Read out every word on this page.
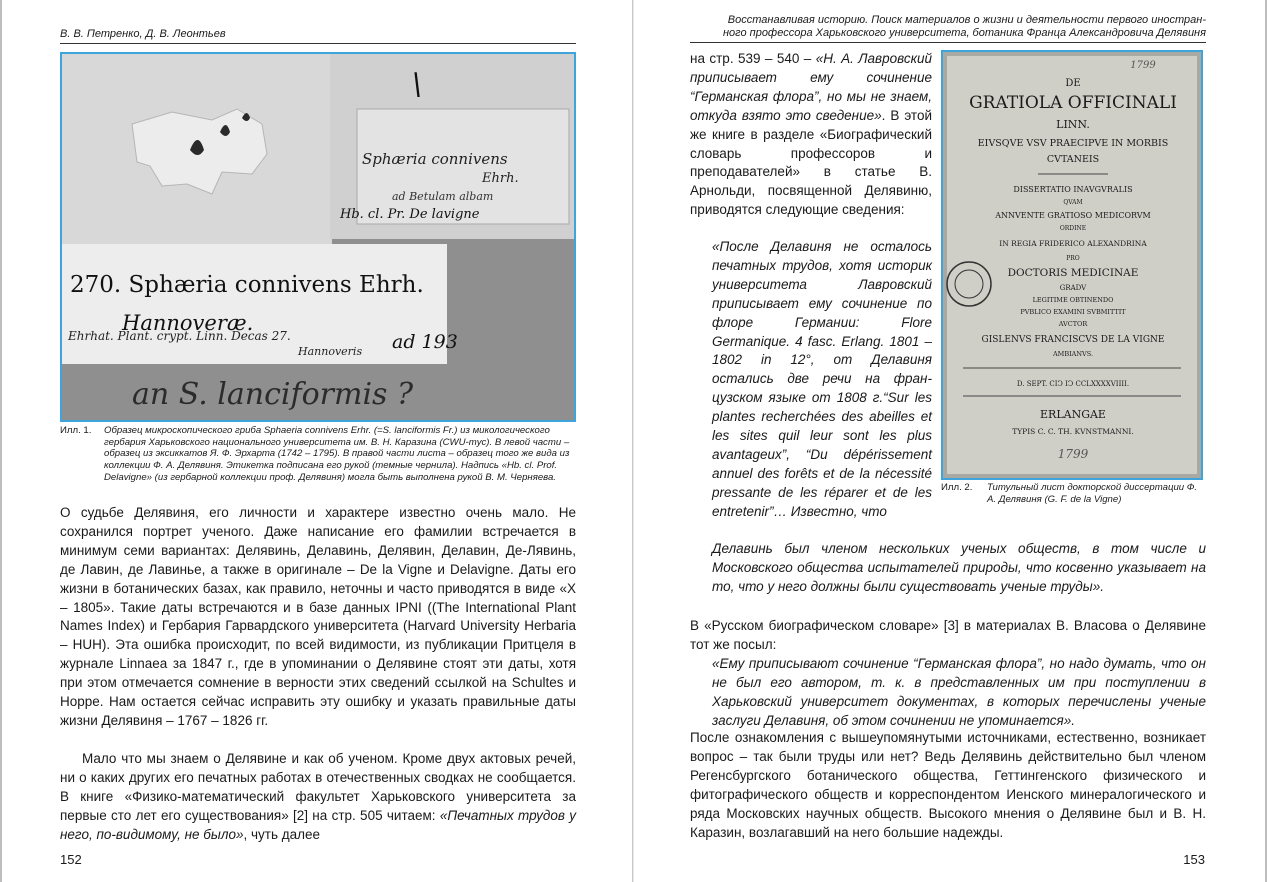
В. В. Петренко, Д. В. Леонтьев
\
Sphæria connivens
Ehrh.
ad Betulam albam
Hb. cl. Pr. De lavigne
270. Sphæria connivens Ehrh.
Hannoveræ.
Ehrhat. Plant. crypt. Linn. Decas 27.
Hannoveris ad 193
an S. lanciformis ?
Илл. 1. Образец микроскопического гриба Sphaeria connivens Erhr. (=S. lanciformis Fr.) из микологического гербария Харьковского национального университета им. В. Н. Каразина (CWU-myc). В левой части – образец из эксиккатов Я. Ф. Эрхарта (1742 – 1795). В правой части листа – образец того же вида из коллекции Ф. А. Делявиня. Этикетка подписана его рукой (темные чернила). Надпись «Hb. cl. Prof. Delavigne» (из гербарной коллекции проф. Делявиня) могла быть выполнена рукой В. М. Черняева.

О судьбе Делявиня, его личности и характере известно очень мало. Не сохранился портрет ученого. Даже написание его фамилии встречается в минимум семи вариантах: Делявинь, Делавинь, Делявин, Делавин, Де-Лявинь, де Лавин, де Лавинье, а также в оригинале – De la Vigne и Delavigne. Даты его жизни в ботанических базах, как правило, неточны и часто приводятся в виде «X – 1805». Такие даты встречаются и в базе данных IPNI ((The International Plant Names Index) и Гербария Гарвардского университета (Harvard University Herbaria – HUH). Эта ошибка происходит, по всей видимости, из публикации Притцеля в журнале Linnaea за 1847 г., где в упоминании о Делявине стоят эти даты, хотя при этом отмечается сомнение в верности этих сведений ссылкой на Schultes и Hoppe. Нам остается сейчас исправить эту ошибку и указать правильные даты жизни Делявиня – 1767 – 1826 гг.

Мало что мы знаем о Делявине и как об ученом. Кроме двух актовых речей, ни о каких других его печатных работах в отечественных сводках не сообщается. В книге «Физико-математический факультет Харьковского университета за первые сто лет его существования» [2] на стр. 505 читаем: «Печатных трудов у него, по-видимому, не было», чуть далее

152
Восстанавливая историю. Поиск материалов о жизни и деятельности первого иностран-
ного профессора Харьковского университета, ботаника Франца Александровича Делявиня

на стр. 539 – 540 – «Н. А. Лавровский приписывает ему сочинение “Германская флора”, но мы не знаем, откуда взято это сведение». В этой же книге в разделе «Биографический словарь профессоров и преподавателей» в статье В. Арнольди, посвященной Делявиню, приводятся следующие сведения:

«После Делавиня не осталось печатных трудов, хотя историк университета Лавровский приписывает ему сочинение по флоре Германии: Flore Germanique. 4 fasc. Erlang. 1801 – 1802 in 12°, от Делавиня остались две речи на французском языке от 1808 г.“Sur les plantes recherchées des abeilles et les sites quil leur sont les plus avantageux”, “Du dépérissement annuel des forêts et de la nécessité pressante de les réparer et de les entretenir”… Известно, что

1799
DE
GRATIOLA OFFICINALI
LINN.
EIVSQVE VSV PRAECIPVE IN MORBIS
CVTANEIS
DISSERTATIO INAVGVRALIS
QVAM
ANNVENTE GRATIOSO MEDICORVM
ORDINE
IN REGIA FRIDERICO ALEXANDRINA
PRO
DOCTORIS MEDICINAE
GRADV
LEGITIME OBTINENDO
PVBLICO EXAMINI SVBMITTIT
AVCTOR
GISLENVS FRANCISCVS DE LA VIGNE
AMBIANVS.
D. SEPT. CIↃ IↃ CCLXXXXVIIII.
ERLANGAE
TYPIS C. C. TH. KVNSTMANNI.
1799
Илл. 2. Титульный лист докторской диссертации Ф. А. Делявиня (G. F. de la Vigne)

Делавинь был членом нескольких ученых обществ, в том числе и Московского общества испытателей природы, что косвенно указывает на то, что у него должны были существовать ученые труды».

В «Русском биографическом словаре» [3] в материалах В. Власова о Делявине тот же посыл:

«Ему приписывают сочинение “Германская флора”, но надо думать, что он не был его автором, т. к. в представленных им при поступлении в Харьковский университет документах, в которых перечислены ученые заслуги Делавиня, об этом сочинении не упоминается».

После ознакомления с вышеупомянутыми источниками, естественно, возникает вопрос – так были труды или нет? Ведь Делявинь действительно был членом Регенсбургского ботанического общества, Геттингенского физического и фитографического обществ и корреспондентом Иенского минералогического и ряда Московских научных обществ. Высокого мнения о Делявине был и В. Н. Каразин, возлагавший на него большие надежды.

153
